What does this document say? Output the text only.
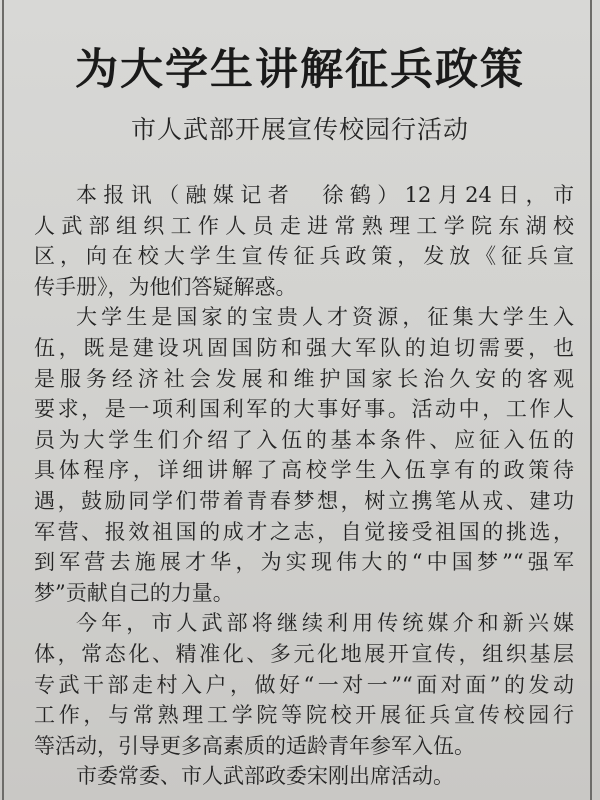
为大学生讲解征兵政策
市人武部开展宣传校园行活动
本报讯（融媒记者　徐鹤）12月24日，市
人武部组织工作人员走进常熟理工学院东湖校
区，向在校大学生宣传征兵政策，发放《征兵宣
传手册》，为他们答疑解惑。
大学生是国家的宝贵人才资源，征集大学生入
伍，既是建设巩固国防和强大军队的迫切需要，也
是服务经济社会发展和维护国家长治久安的客观
要求，是一项利国利军的大事好事。活动中，工作人
员为大学生们介绍了入伍的基本条件、应征入伍的
具体程序，详细讲解了高校学生入伍享有的政策待
遇，鼓励同学们带着青春梦想，树立携笔从戎、建功
军营、报效祖国的成才之志，自觉接受祖国的挑选，
到军营去施展才华，为实现伟大的“中国梦”“强军
梦”贡献自己的力量。
今年，市人武部将继续利用传统媒介和新兴媒
体，常态化、精准化、多元化地展开宣传，组织基层
专武干部走村入户，做好“一对一”“面对面”的发动
工作，与常熟理工学院等院校开展征兵宣传校园行
等活动，引导更多高素质的适龄青年参军入伍。
市委常委、市人武部政委宋刚出席活动。
